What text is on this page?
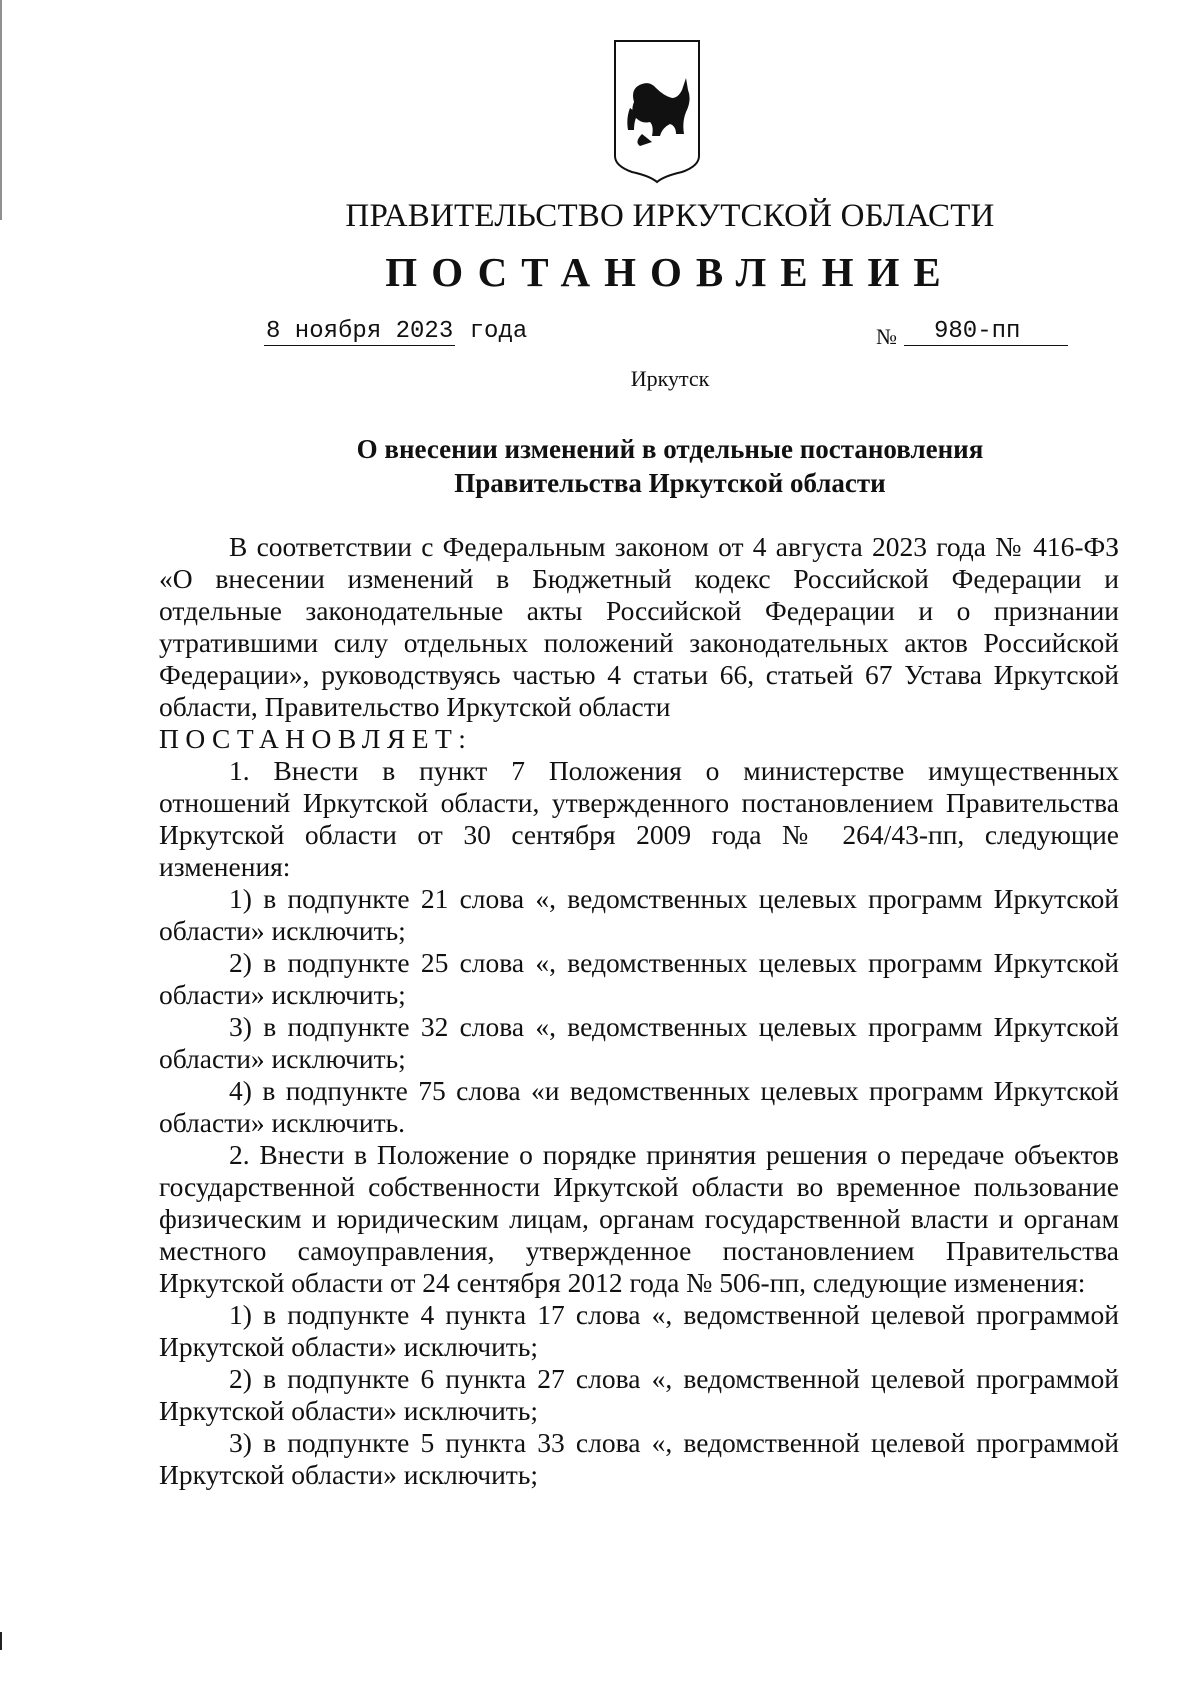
ПРАВИТЕЛЬСТВО ИРКУТСКОЙ ОБЛАСТИ
ПОСТАНОВЛЕНИЕ
8 ноября 2023 года	№	980-пп
Иркутск
О внесении изменений в отдельные постановления
Правительства Иркутской области

В соответствии с Федеральным законом от 4 августа 2023 года № 416-ФЗ «О внесении изменений в Бюджетный кодекс Российской Федерации и отдельные законодательные акты Российской Федерации и о признании утратившими силу отдельных положений законодательных актов Российской Федерации», руководствуясь частью 4 статьи 66, статьей 67 Устава Иркутской области, Правительство Иркутской области

ПОСТАНОВЛЯЕТ:

1. Внести в пункт 7 Положения о министерстве имущественных отношений Иркутской области, утвержденного постановлением Правительства Иркутской области от 30 сентября 2009 года № 264/43-пп, следующие изменения:

1) в подпункте 21 слова «, ведомственных целевых программ Иркутской области» исключить;

2) в подпункте 25 слова «, ведомственных целевых программ Иркутской области» исключить;

3) в подпункте 32 слова «, ведомственных целевых программ Иркутской области» исключить;

4) в подпункте 75 слова «и ведомственных целевых программ Иркутской области» исключить.

2. Внести в Положение о порядке принятия решения о передаче объектов государственной собственности Иркутской области во временное пользование физическим и юридическим лицам, органам государственной власти и органам местного самоуправления, утвержденное постановлением Правительства Иркутской области от 24 сентября 2012 года № 506-пп, следующие изменения:

1) в подпункте 4 пункта 17 слова «, ведомственной целевой программой Иркутской области» исключить;

2) в подпункте 6 пункта 27 слова «, ведомственной целевой программой Иркутской области» исключить;

3) в подпункте 5 пункта 33 слова «, ведомственной целевой программой Иркутской области» исключить;
